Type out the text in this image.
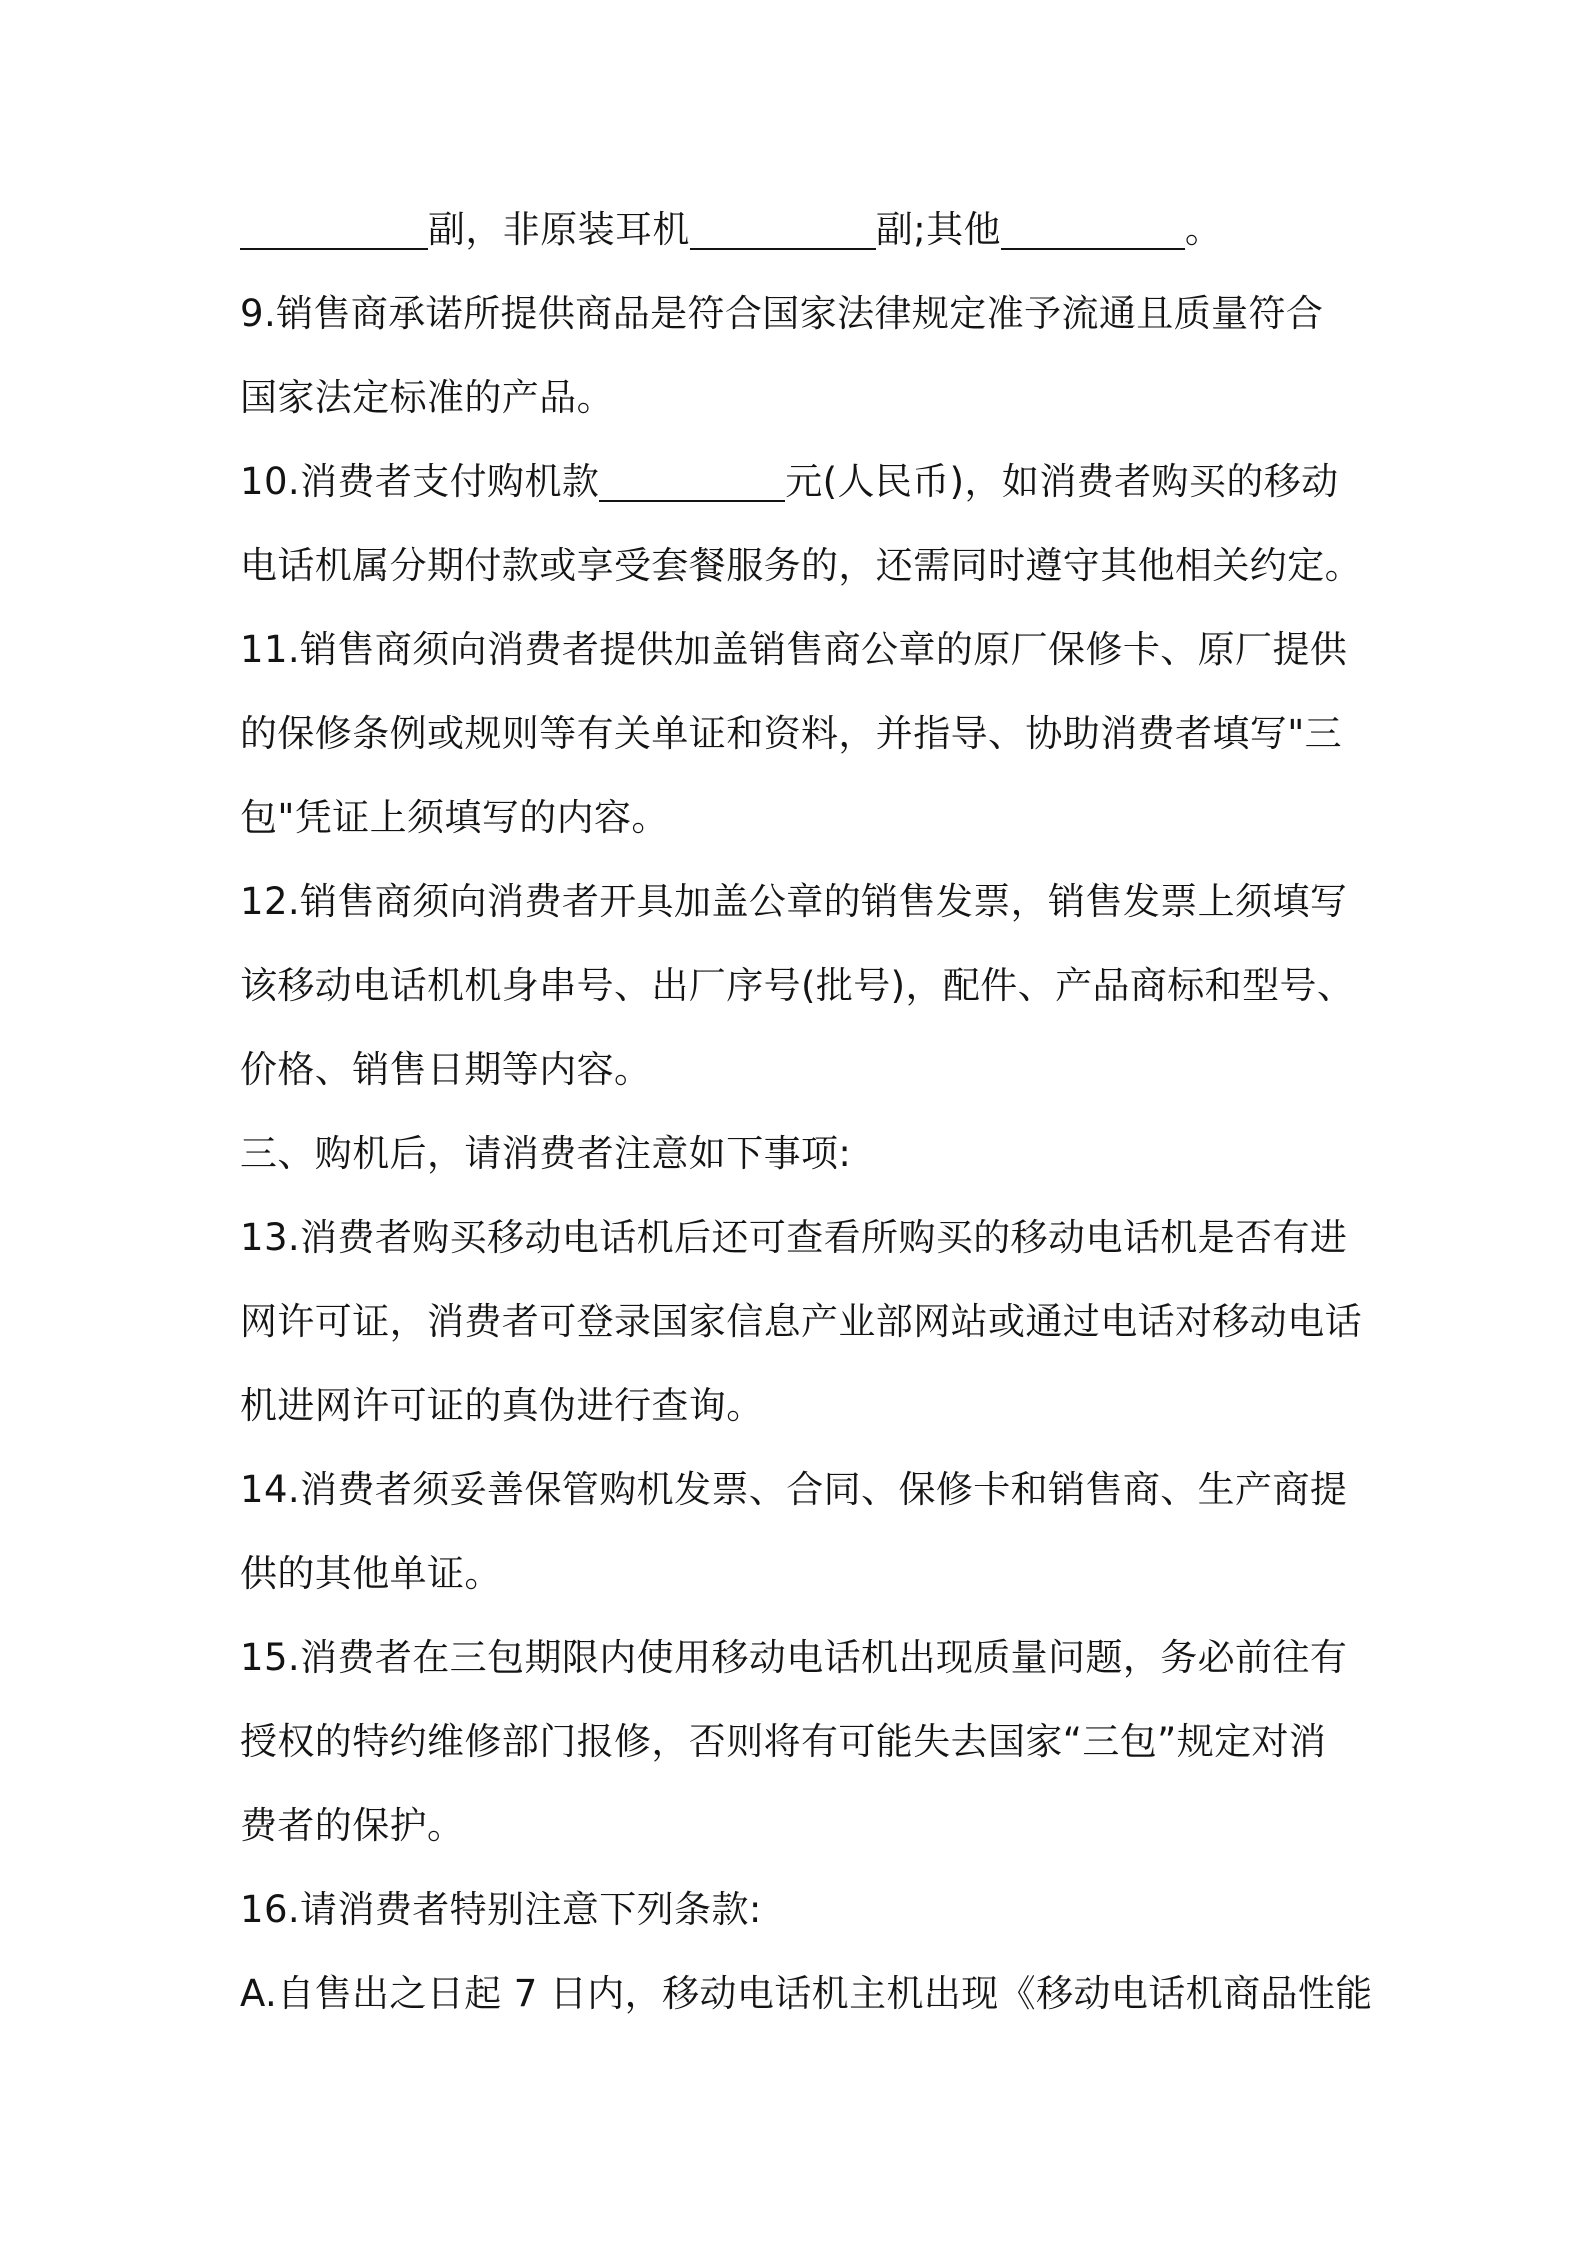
副，非原装耳机	副;其他	。

9.销售商承诺所提供商品是符合国家法律规定准予流通且质量符合

国家法定标准的产品。

10.消费者支付购机款	元(人民币)，如消费者购买的移动

电话机属分期付款或享受套餐服务的，还需同时遵守其他相关约定。

11.销售商须向消费者提供加盖销售商公章的原厂保修卡、原厂提供

的保修条例或规则等有关单证和资料，并指导、协助消费者填写"三

包"凭证上须填写的内容。

12.销售商须向消费者开具加盖公章的销售发票，销售发票上须填写

该移动电话机机身串号、出厂序号(批号)，配件、产品商标和型号、

价格、销售日期等内容。

三、购机后，请消费者注意如下事项:

13.消费者购买移动电话机后还可查看所购买的移动电话机是否有进

网许可证，消费者可登录国家信息产业部网站或通过电话对移动电话

机进网许可证的真伪进行查询。

14.消费者须妥善保管购机发票、合同、保修卡和销售商、生产商提

供的其他单证。

15.消费者在三包期限内使用移动电话机出现质量问题，务必前往有

授权的特约维修部门报修，否则将有可能失去国家“三包”规定对消

费者的保护。

16.请消费者特别注意下列条款:

A.自售出之日起 7 日内，移动电话机主机出现《移动电话机商品性能
